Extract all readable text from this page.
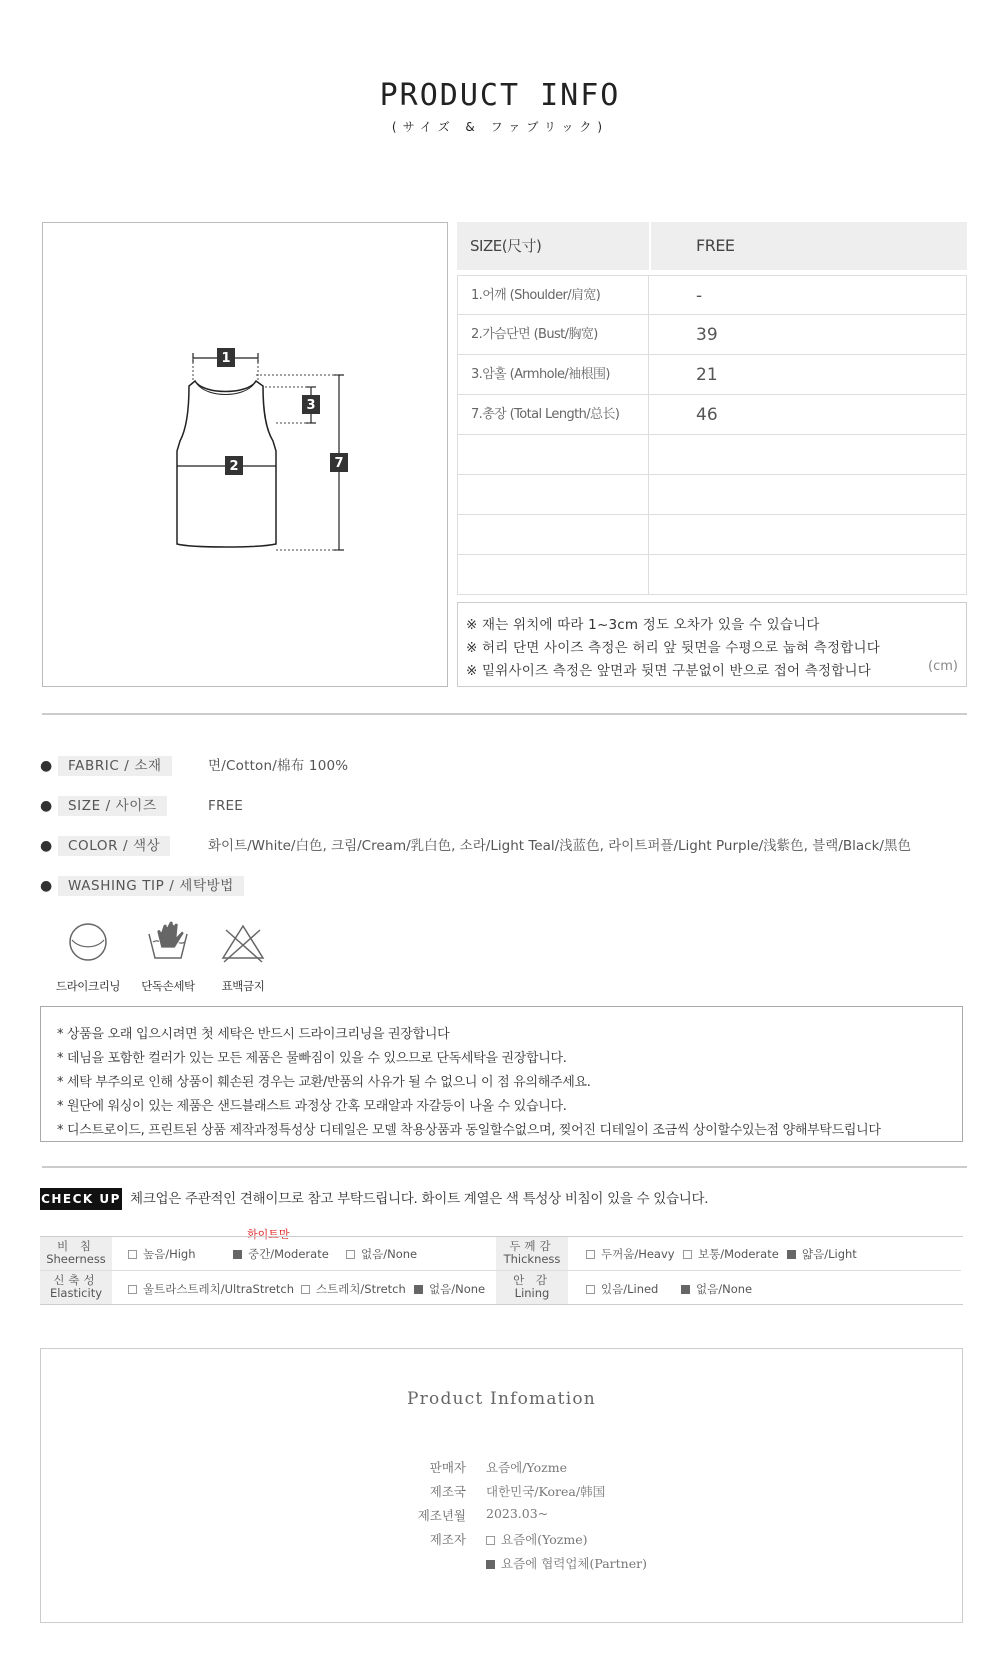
PRODUCT INFO
(サイズ & ファブリック)
1
2
3
7
SIZE(尺寸)	FREE
1.어깨 (Shoulder/肩宽)	-
2.가슴단면 (Bust/胸宽)	39
3.암홀 (Armhole/袖根围)	21
7.총장 (Total Length/总长)	46
※ 재는 위치에 따라 1~3cm 정도 오차가 있을 수 있습니다
※ 허리 단면 사이즈 측정은 허리 앞 뒷면을 수평으로 눕혀 측정합니다
※ 밑위사이즈 측정은 앞면과 뒷면 구분없이 반으로 접어 측정합니다	(cm)
●	FABRIC / 소재	면/Cotton/棉布 100%
●	SIZE / 사이즈	FREE
●	COLOR / 색상	화이트/White/白色, 크림/Cream/乳白色, 소라/Light Teal/浅蓝色, 라이트퍼플/Light Purple/浅紫色, 블랙/Black/黑色
●	WASHING TIP / 세탁방법
드라이크리닝	단독손세탁	표백금지
* 상품을 오래 입으시려면 첫 세탁은 반드시 드라이크리닝을 권장합니다
* 데님을 포함한 컬러가 있는 모든 제품은 물빠짐이 있을 수 있으므로 단독세탁을 권장합니다.
* 세탁 부주의로 인해 상품이 훼손된 경우는 교환/반품의 사유가 될 수 없으니 이 점 유의해주세요.
* 원단에 워싱이 있는 제품은 샌드블래스트 과정상 간혹 모래알과 자갈등이 나올 수 있습니다.
* 디스트로이드, 프린트된 상품 제작과정특성상 디테일은 모델 착용상품과 동일할수없으며, 찢어진 디테일이 조금씩 상이할수있는점 양해부탁드립니다
CHECK UP 체크업은 주관적인 견해이므로 참고 부탁드립니다. 화이트 계열은 색 특성상 비침이 있을 수 있습니다.
화이트만
비 침
Sheerness	높음/High	중간/Moderate	없음/None
두께감
Thickness	두꺼움/Heavy	보통/Moderate	얇음/Light
신축성
Elasticity	울트라스트레치/UltraStretch	스트레치/Stretch	없음/None
안 감
Lining	있음/Lined	없음/None
Product Infomation
판매자 요즘에/Yozme
제조국 대한민국/Korea/韩国
제조년월 2023.03~
제조자	요즘에(Yozme)
요즘에 협력업체(Partner)
